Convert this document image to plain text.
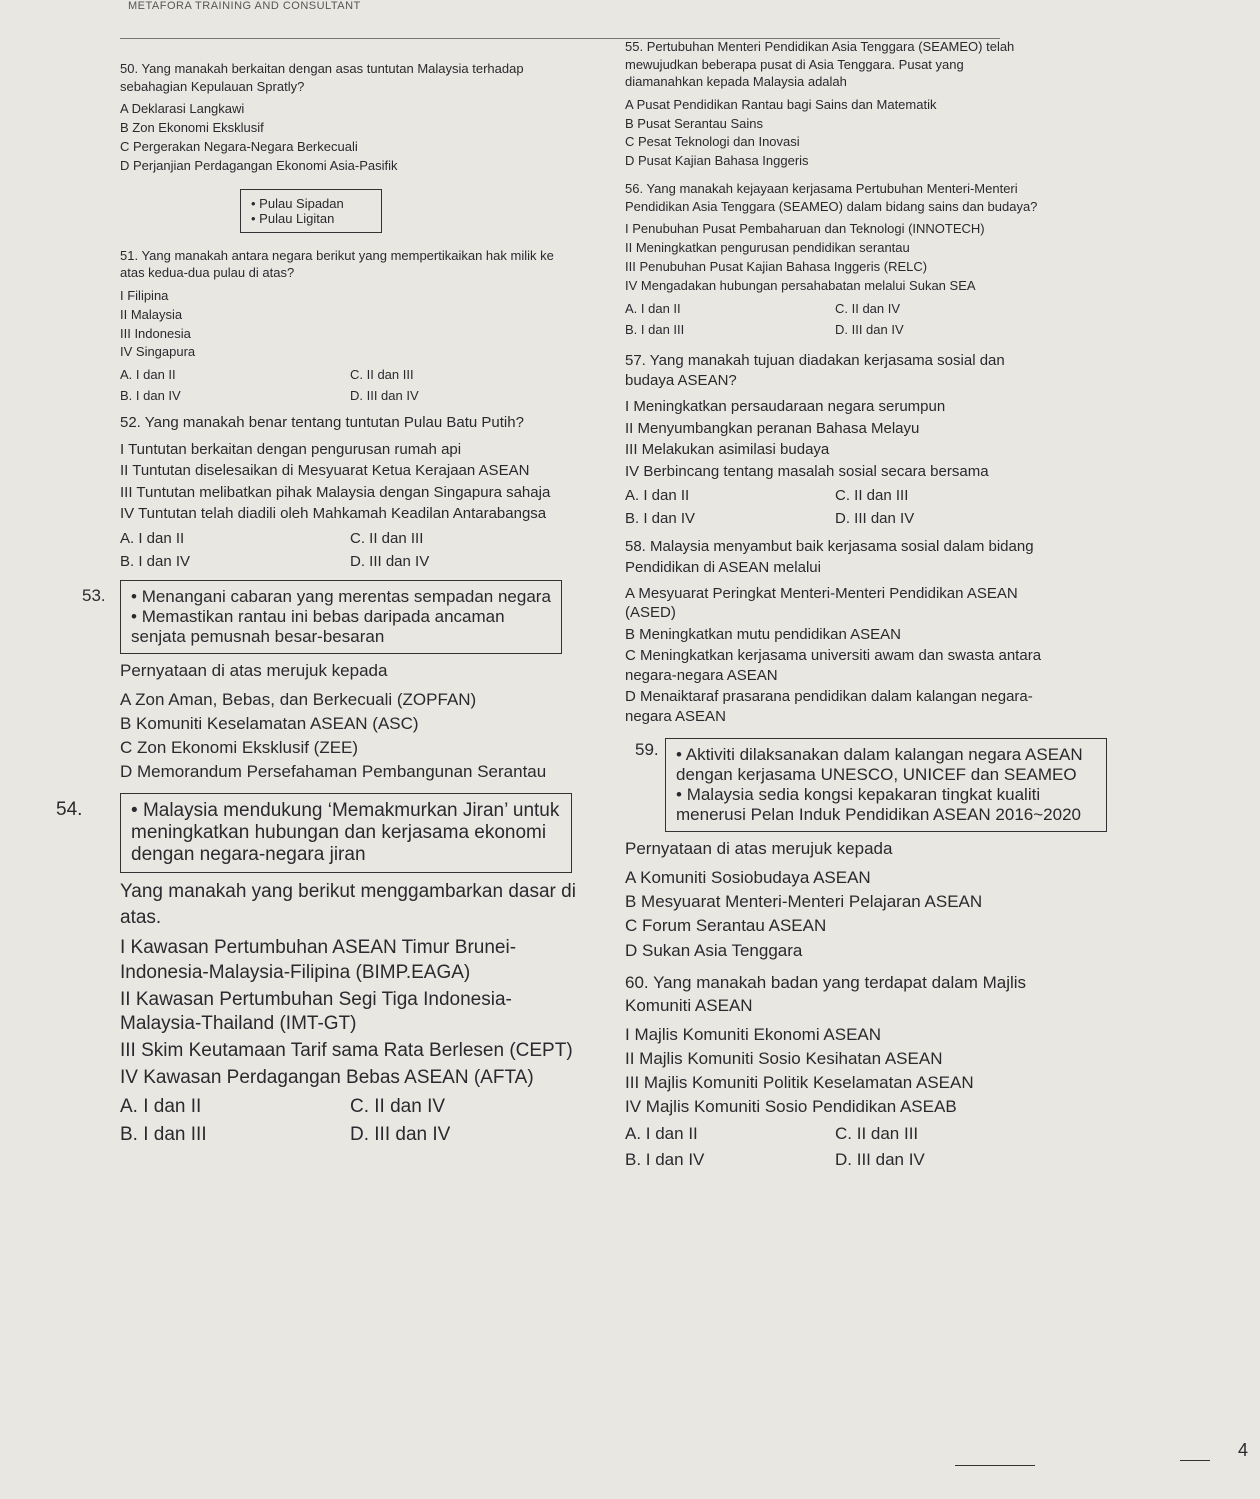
METAFORA TRAINING AND CONSULTANT
50. Yang manakah berkaitan dengan asas tuntutan Malaysia terhadap sebahagian Kepulauan Spratly?
A Deklarasi Langkawi
B Zon Ekonomi Eksklusif
C Pergerakan Negara-Negara Berkecuali
D Perjanjian Perdagangan Ekonomi Asia-Pasifik
• Pulau Sipadan
• Pulau Ligitan
51. Yang manakah antara negara berikut yang mempertikaikan hak milik ke atas kedua-dua pulau di atas?
I Filipina
II Malaysia
III Indonesia
IV Singapura
A. I dan II	C. II dan III
B. I dan IV	D. III dan IV
52. Yang manakah benar tentang tuntutan Pulau Batu Putih?
I Tuntutan berkaitan dengan pengurusan rumah api
II Tuntutan diselesaikan di Mesyuarat Ketua Kerajaan ASEAN
III Tuntutan melibatkan pihak Malaysia dengan Singapura sahaja
IV Tuntutan telah diadili oleh Mahkamah Keadilan Antarabangsa
A. I dan II	C. II dan III
B. I dan IV	D. III dan IV
53.	• Menangani cabaran yang merentas sempadan negara
• Memastikan rantau ini bebas daripada ancaman senjata pemusnah besar-besaran
Pernyataan di atas merujuk kepada
A Zon Aman, Bebas, dan Berkecuali (ZOPFAN)
B Komuniti Keselamatan ASEAN (ASC)
C Zon Ekonomi Eksklusif (ZEE)
D Memorandum Persefahaman Pembangunan Serantau
54.	• Malaysia mendukung ‘Memakmurkan Jiran’ untuk meningkatkan hubungan dan kerjasama ekonomi dengan negara-negara jiran
Yang manakah yang berikut menggambarkan dasar di atas.
I Kawasan Pertumbuhan ASEAN Timur Brunei-Indonesia-Malaysia-Filipina (BIMP.EAGA)
II Kawasan Pertumbuhan Segi Tiga Indonesia-Malaysia-Thailand (IMT-GT)
III Skim Keutamaan Tarif sama Rata Berlesen (CEPT)
IV Kawasan Perdagangan Bebas ASEAN (AFTA)
A. I dan II	C. II dan IV
B. I dan III	D. III dan IV
55. Pertubuhan Menteri Pendidikan Asia Tenggara (SEAMEO) telah mewujudkan beberapa pusat di Asia Tenggara. Pusat yang diamanahkan kepada Malaysia adalah
A Pusat Pendidikan Rantau bagi Sains dan Matematik
B Pusat Serantau Sains
C Pesat Teknologi dan Inovasi
D Pusat Kajian Bahasa Inggeris
56. Yang manakah kejayaan kerjasama Pertubuhan Menteri-Menteri Pendidikan Asia Tenggara (SEAMEO) dalam bidang sains dan budaya?
I Penubuhan Pusat Pembaharuan dan Teknologi (INNOTECH)
II Meningkatkan pengurusan pendidikan serantau
III Penubuhan Pusat Kajian Bahasa Inggeris (RELC)
IV Mengadakan hubungan persahabatan melalui Sukan SEA
A. I dan II	C. II dan IV
B. I dan III	D. III dan IV
57. Yang manakah tujuan diadakan kerjasama sosial dan budaya ASEAN?
I Meningkatkan persaudaraan negara serumpun
II Menyumbangkan peranan Bahasa Melayu
III Melakukan asimilasi budaya
IV Berbincang tentang masalah sosial secara bersama
A. I dan II	C. II dan III
B. I dan IV	D. III dan IV
58. Malaysia menyambut baik kerjasama sosial dalam bidang Pendidikan di ASEAN melalui
A Mesyuarat Peringkat Menteri-Menteri Pendidikan ASEAN (ASED)
B Meningkatkan mutu pendidikan ASEAN
C Meningkatkan kerjasama universiti awam dan swasta antara negara-negara ASEAN
D Menaiktaraf prasarana pendidikan dalam kalangan negara-negara ASEAN
59.	• Aktiviti dilaksanakan dalam kalangan negara ASEAN dengan kerjasama UNESCO, UNICEF dan SEAMEO
• Malaysia sedia kongsi kepakaran tingkat kualiti menerusi Pelan Induk Pendidikan ASEAN 2016~2020
Pernyataan di atas merujuk kepada
A Komuniti Sosiobudaya ASEAN
B Mesyuarat Menteri-Menteri Pelajaran ASEAN
C Forum Serantau ASEAN
D Sukan Asia Tenggara
60. Yang manakah badan yang terdapat dalam Majlis Komuniti ASEAN
I Majlis Komuniti Ekonomi ASEAN
II Majlis Komuniti Sosio Kesihatan ASEAN
III Majlis Komuniti Politik Keselamatan ASEAN
IV Majlis Komuniti Sosio Pendidikan ASEAB
A. I dan II	C. II dan III
B. I dan IV	D. III dan IV
4
